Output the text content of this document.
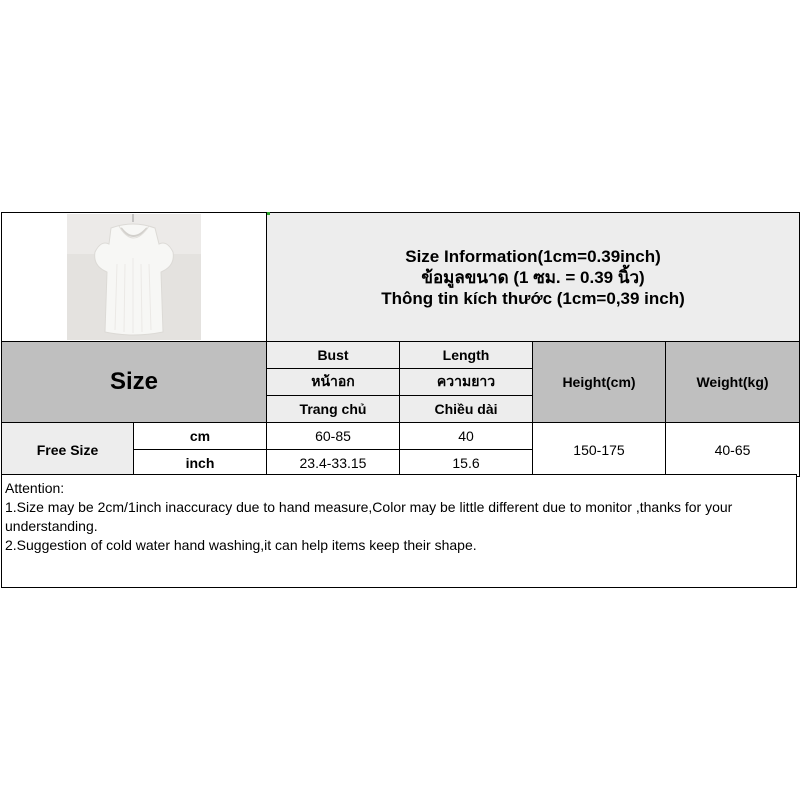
Size Information(1cm=0.39inch)
ข้อมูลขนาด (1 ซม. = 0.39 นิ้ว)
Thông tin kích thước (1cm=0,39 inch)			

Size		Bust	Length	Height(cm)	Weight(kg)
		หน้าอก	ความยาว		
		Trang chủ	Chiều dài		
Free Size	cm	60-85	40	150-175	40-65
	inch	23.4-33.15	15.6		
Attention:
1.Size may be 2cm/1inch inaccuracy due to hand measure,Color may be little different due to monitor ,thanks for your understanding.
2.Suggestion of cold water hand washing,it can help items keep their shape.
